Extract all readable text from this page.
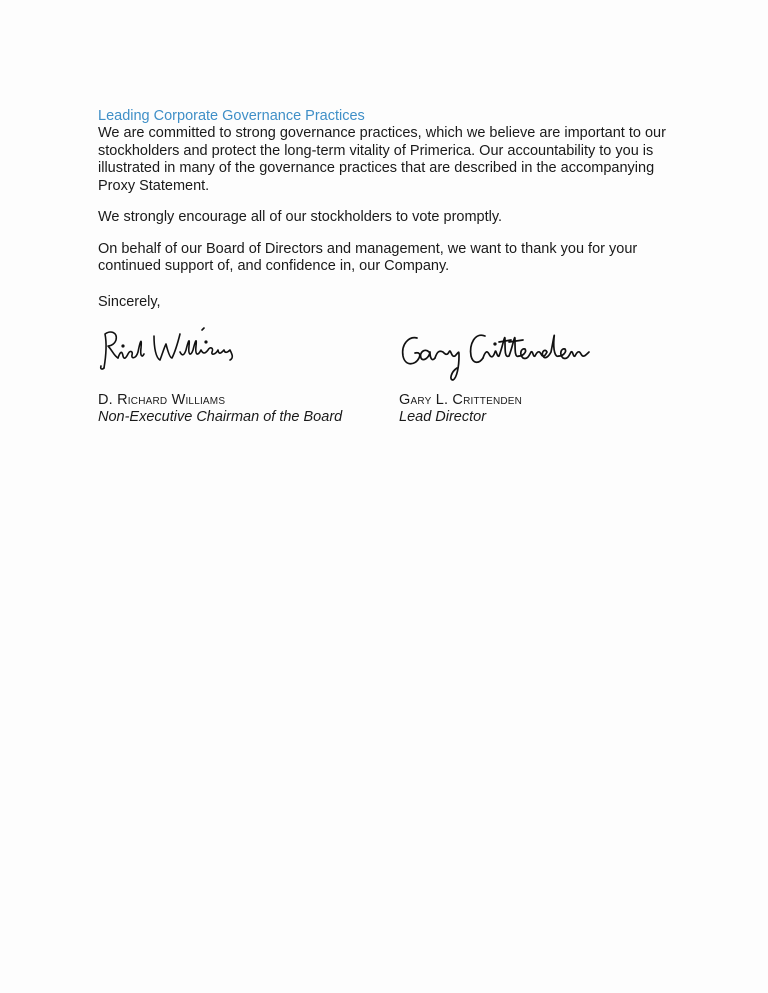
Leading Corporate Governance Practices

We are committed to strong governance practices, which we believe are important to our stockholders and protect the long-term vitality of Primerica. Our accountability to you is illustrated in many of the governance practices that are described in the accompanying Proxy Statement.

We strongly encourage all of our stockholders to vote promptly.

On behalf of our Board of Directors and management, we want to thank you for your continued support of, and confidence in, our Company.

Sincerely,

D. Richard Williams

Non-Executive Chairman of the Board

Gary L. Crittenden

Lead Director
